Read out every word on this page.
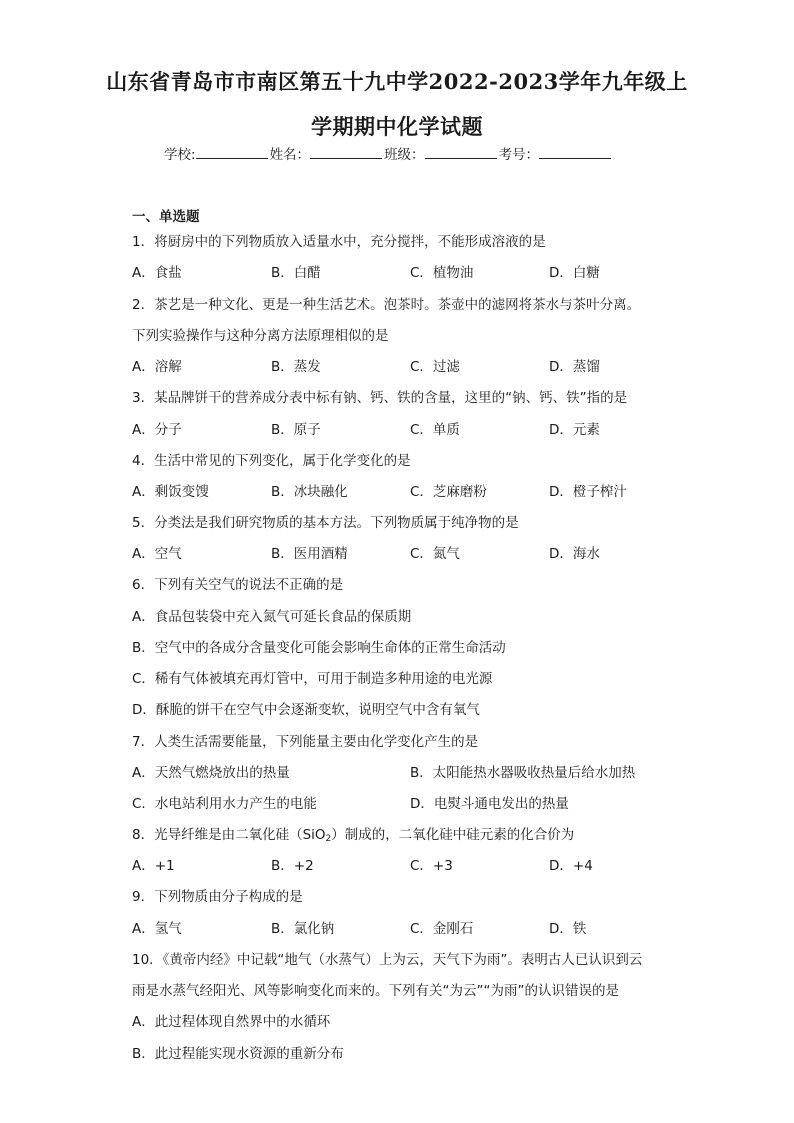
山东省青岛市市南区第五十九中学2022-2023学年九年级上
学期期中化学试题
学校:	姓名：	班级：	考号：
一、单选题
1．将厨房中的下列物质放入适量水中，充分搅拌，不能形成溶液的是
A．食盐	B．白醋	C．植物油	D．白糖
2．茶艺是一种文化、更是一种生活艺术。泡茶时。茶壶中的滤网将茶水与茶叶分离。
下列实验操作与这种分离方法原理相似的是
A．溶解	B．蒸发	C．过滤	D．蒸馏
3．某品牌饼干的营养成分表中标有钠、钙、铁的含量，这里的“钠、钙、铁”指的是
A．分子	B．原子	C．单质	D．元素
4．生活中常见的下列变化，属于化学变化的是
A．剩饭变馊	B．冰块融化	C．芝麻磨粉	D．橙子榨汁
5．分类法是我们研究物质的基本方法。下列物质属于纯净物的是
A．空气	B．医用酒精	C．氮气	D．海水
6．下列有关空气的说法不正确的是
A．食品包装袋中充入氮气可延长食品的保质期
B．空气中的各成分含量变化可能会影响生命体的正常生命活动
C．稀有气体被填充再灯管中，可用于制造多种用途的电光源
D．酥脆的饼干在空气中会逐渐变软，说明空气中含有氧气
7．人类生活需要能量，下列能量主要由化学变化产生的是
A．天然气燃烧放出的热量	B．太阳能热水器吸收热量后给水加热
C．水电站利用水力产生的电能	D．电熨斗通电发出的热量
8．光导纤维是由二氧化硅（SiO$_2$）制成的，二氧化硅中硅元素的化合价为
A．+1	B．+2	C．+3	D．+4
9．下列物质由分子构成的是
A．氢气	B．氯化钠	C．金刚石	D．铁
10．《黄帝内经》中记载“地气（水蒸气）上为云，天气下为雨”。表明古人已认识到云
雨是水蒸气经阳光、风等影响变化而来的。下列有关“为云”“为雨”的认识错误的是
A．此过程体现自然界中的水循环
B．此过程能实现水资源的重新分布
